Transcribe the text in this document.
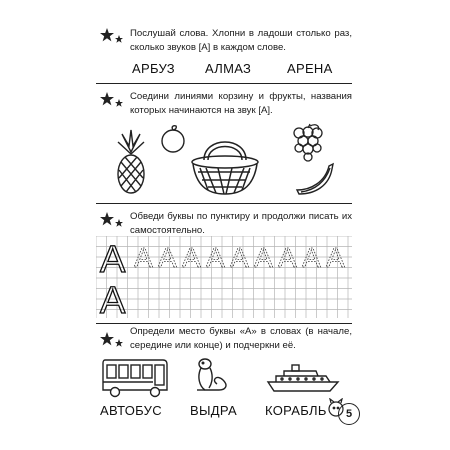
Послушай слова. Хлопни в ладоши столько раз, сколько звуков [А] в каждом слове.
АРБУЗ АЛМАЗ	АРЕНА
Соедини линиями корзину и фрукты, названия которых начинаются на звук [А].
Обведи буквы по пунктиру и продолжи писать их самостоятельно.
А А А А А А А А А А
А
Определи место буквы «А» в словах (в начале, середине или конце) и подчеркни её.
АВТОБУС ВЫДРА КОРАБЛЬ	5
